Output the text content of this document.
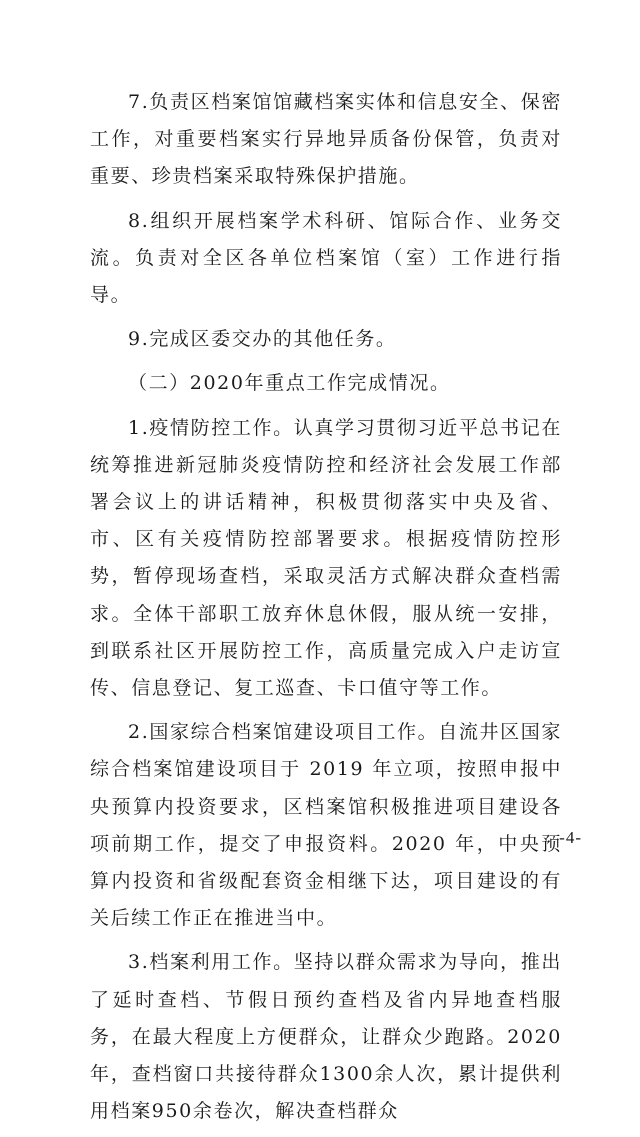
7.负责区档案馆馆藏档案实体和信息安全、保密工作，对重要档案实行异地异质备份保管，负责对重要、珍贵档案采取特殊保护措施。

8.组织开展档案学术科研、馆际合作、业务交流。负责对全区各单位档案馆（室）工作进行指导。

9.完成区委交办的其他任务。

（二）2020年重点工作完成情况。

1.疫情防控工作。认真学习贯彻习近平总书记在统筹推进新冠肺炎疫情防控和经济社会发展工作部署会议上的讲话精神，积极贯彻落实中央及省、市、区有关疫情防控部署要求。根据疫情防控形势，暂停现场查档，采取灵活方式解决群众查档需求。全体干部职工放弃休息休假，服从统一安排，到联系社区开展防控工作，高质量完成入户走访宣传、信息登记、复工巡查、卡口值守等工作。

2.国家综合档案馆建设项目工作。自流井区国家综合档案馆建设项目于 2019 年立项，按照申报中央预算内投资要求，区档案馆积极推进项目建设各项前期工作，提交了申报资料。2020 年，中央预算内投资和省级配套资金相继下达，项目建设的有关后续工作正在推进当中。

3.档案利用工作。坚持以群众需求为导向，推出了延时查档、节假日预约查档及省内异地查档服务，在最大程度上方便群众，让群众少跑路。2020年，查档窗口共接待群众1300余人次，累计提供利用档案950余卷次，解决查档群众

-4-
